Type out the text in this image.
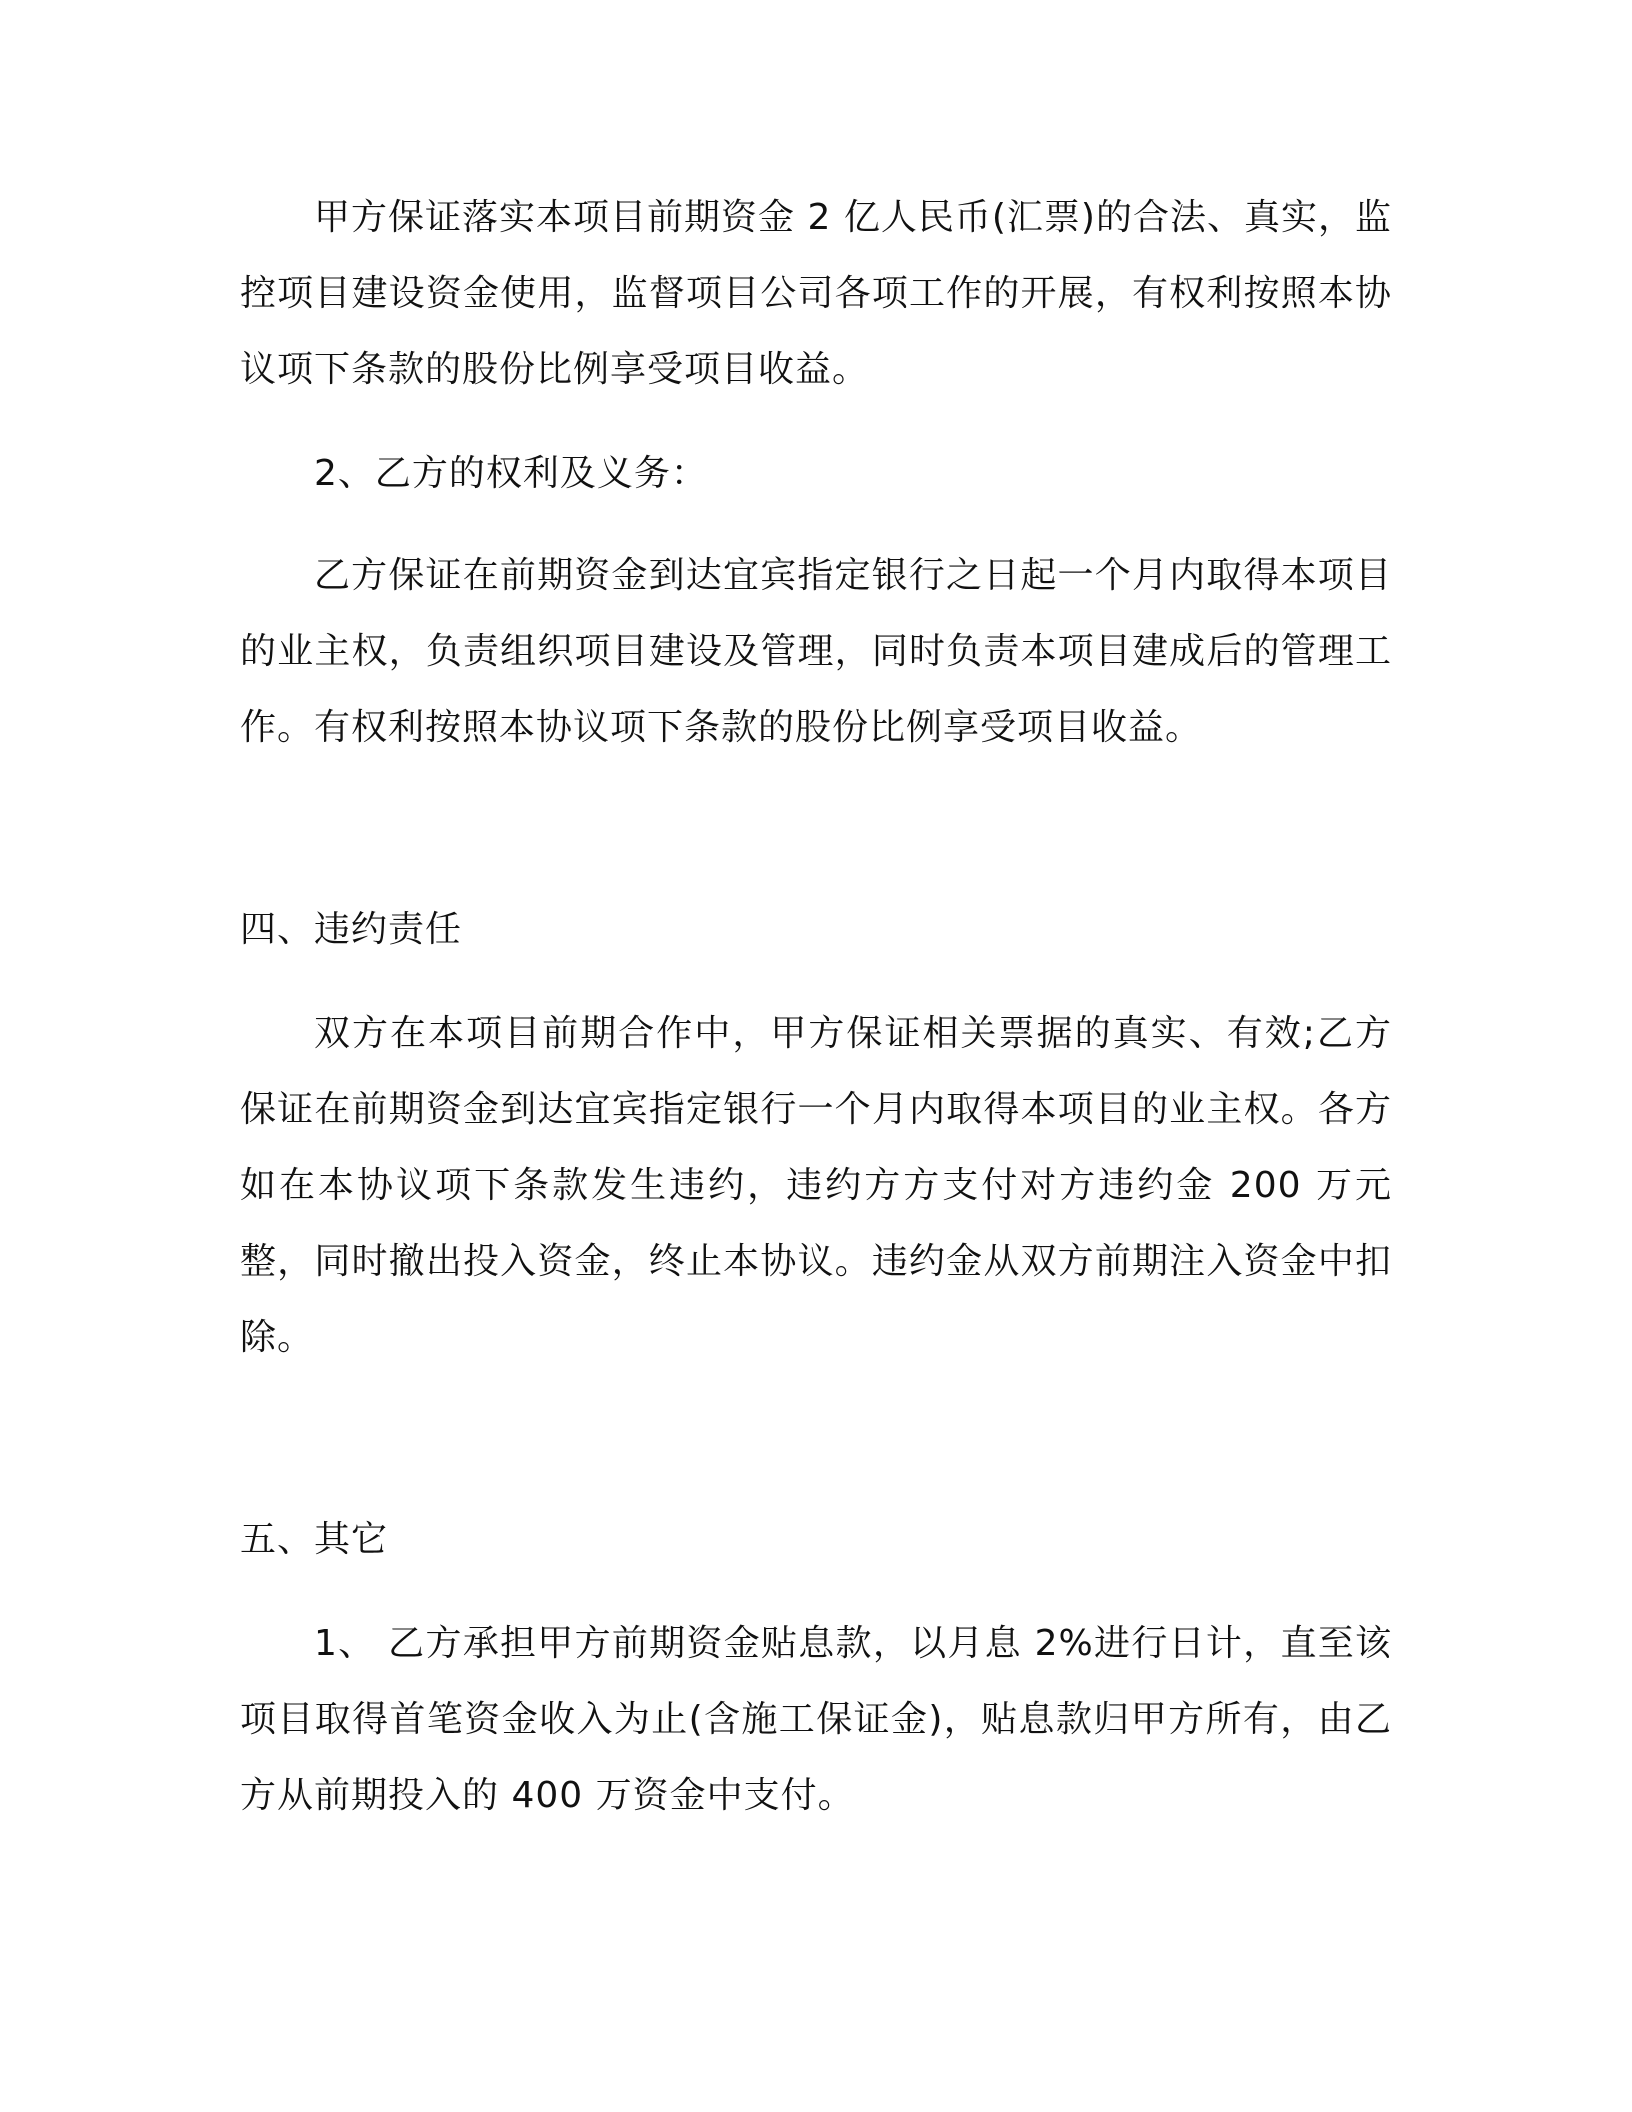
甲方保证落实本项目前期资金 2 亿人民币(汇票)的合法、真实，监控项目建设资金使用，监督项目公司各项工作的开展，有权利按照本协议项下条款的股份比例享受项目收益。

2、乙方的权利及义务：

乙方保证在前期资金到达宜宾指定银行之日起一个月内取得本项目的业主权，负责组织项目建设及管理，同时负责本项目建成后的管理工作。有权利按照本协议项下条款的股份比例享受项目收益。

四、违约责任

双方在本项目前期合作中，甲方保证相关票据的真实、有效;乙方保证在前期资金到达宜宾指定银行一个月内取得本项目的业主权。各方如在本协议项下条款发生违约，违约方方支付对方违约金 200 万元整，同时撤出投入资金，终止本协议。违约金从双方前期注入资金中扣除。

五、其它

1、 乙方承担甲方前期资金贴息款，以月息 2%进行日计，直至该项目取得首笔资金收入为止(含施工保证金)，贴息款归甲方所有，由乙方从前期投入的 400 万资金中支付。
